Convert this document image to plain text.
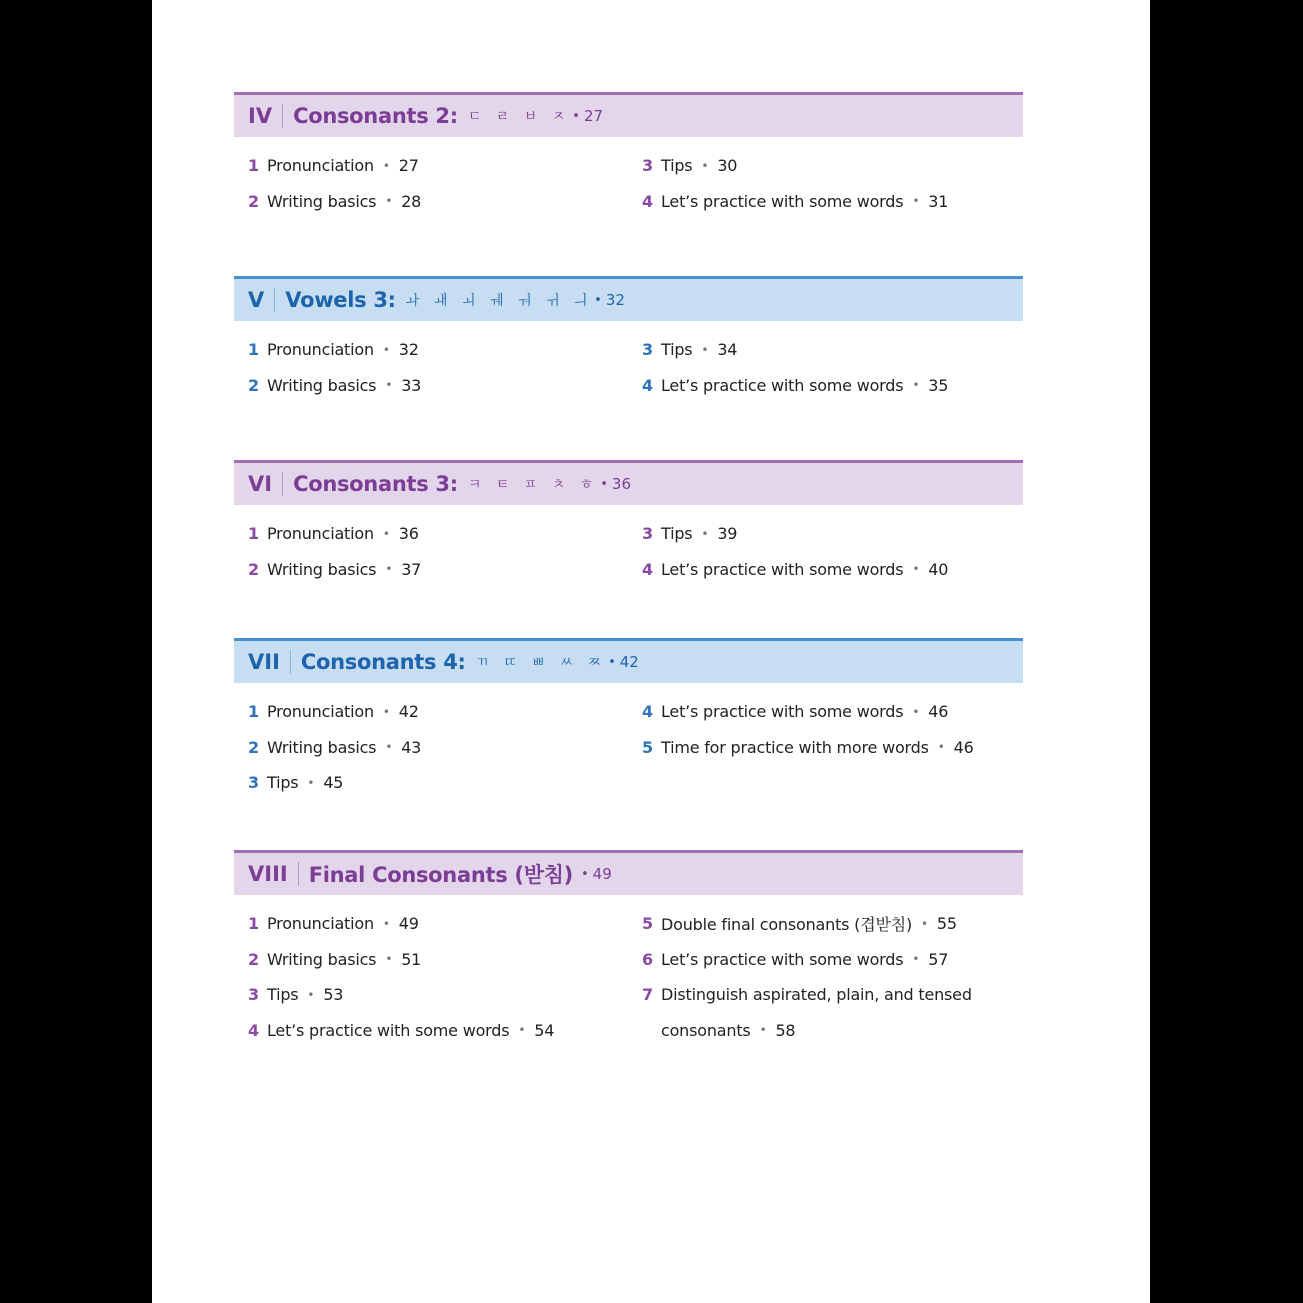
IV Consonants 2: ㄷ ㄹ ㅂ ㅈ • 27
1 Pronunciation • 27
2 Writing basics • 28
3 Tips • 30
4 Let’s practice with some words • 31
V Vowels 3: ㅘ ㅙ ㅚ ㅞ ㅝ ㅟ ㅢ • 32
1 Pronunciation • 32
2 Writing basics • 33
3 Tips • 34
4 Let’s practice with some words • 35
VI Consonants 3: ㅋ ㅌ ㅍ ㅊ ㅎ • 36
1 Pronunciation • 36
2 Writing basics • 37
3 Tips • 39
4 Let’s practice with some words • 40
VII Consonants 4: ㄲ ㄸ ㅃ ㅆ ㅉ • 42
1 Pronunciation • 42
2 Writing basics • 43
3 Tips • 45
4 Let’s practice with some words • 46
5 Time for practice with more words • 46
VIII Final Consonants (받침) • 49
1 Pronunciation • 49
2 Writing basics • 51
3 Tips • 53
4 Let’s practice with some words • 54
5 Double final consonants (겹받침) • 55
6 Let’s practice with some words • 57
7 Distinguish aspirated, plain, and tensed
consonants • 58
